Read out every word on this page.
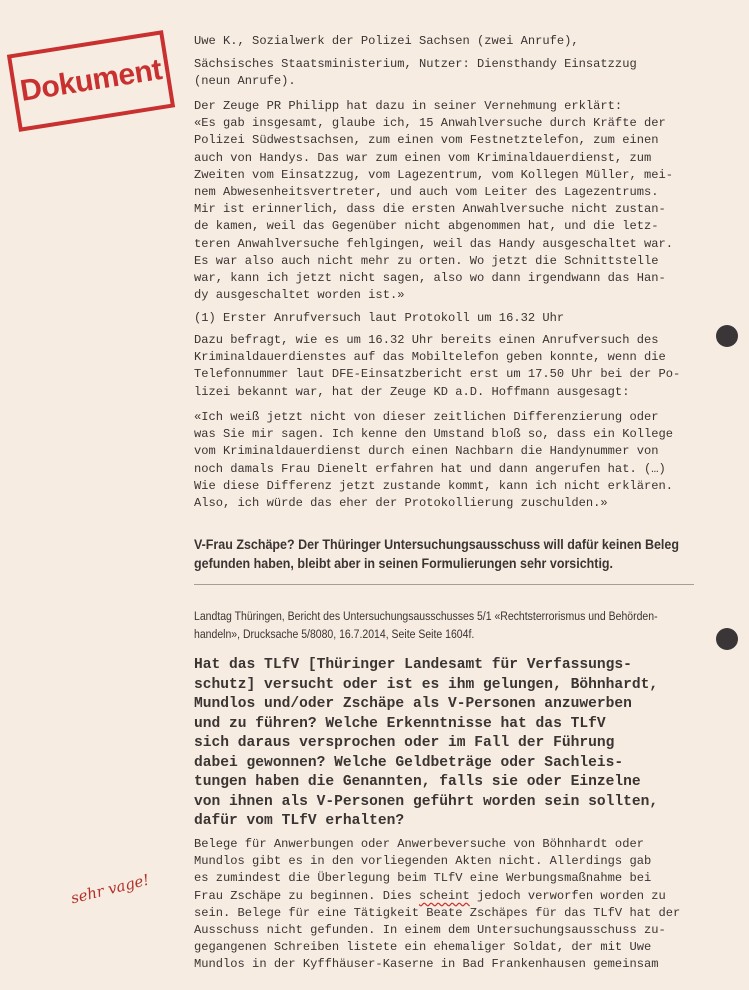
Dokument
sehr vage!

Uwe K., Sozialwerk der Polizei Sachsen (zwei Anrufe),

Sächsisches Staatsministerium, Nutzer: Diensthandy Einsatzzug

(neun Anrufe).

Der Zeuge PR Philipp hat dazu in seiner Vernehmung erklärt:

«Es gab insgesamt, glaube ich, 15 Anwahlversuche durch Kräfte der

Polizei Südwestsachsen, zum einen vom Festnetztelefon, zum einen

auch von Handys. Das war zum einen vom Kriminaldauerdienst, zum

Zweiten vom Einsatzzug, vom Lagezentrum, vom Kollegen Müller, mei-

nem Abwesenheitsvertreter, und auch vom Leiter des Lagezentrums.

Mir ist erinnerlich, dass die ersten Anwahlversuche nicht zustan-

de kamen, weil das Gegenüber nicht abgenommen hat, und die letz-

teren Anwahlversuche fehlgingen, weil das Handy ausgeschaltet war.

Es war also auch nicht mehr zu orten. Wo jetzt die Schnittstelle

war, kann ich jetzt nicht sagen, also wo dann irgendwann das Han-

dy ausgeschaltet worden ist.»

(1) Erster Anrufversuch laut Protokoll um 16.32 Uhr

Dazu befragt, wie es um 16.32 Uhr bereits einen Anrufversuch des

Kriminaldauerdienstes auf das Mobiltelefon geben konnte, wenn die

Telefonnummer laut DFE-Einsatzbericht erst um 17.50 Uhr bei der Po-

lizei bekannt war, hat der Zeuge KD a.D. Hoffmann ausgesagt:

«Ich weiß jetzt nicht von dieser zeitlichen Differenzierung oder

was Sie mir sagen. Ich kenne den Umstand bloß so, dass ein Kollege

vom Kriminaldauerdienst durch einen Nachbarn die Handynummer von

noch damals Frau Dienelt erfahren hat und dann angerufen hat. (…)

Wie diese Differenz jetzt zustande kommt, kann ich nicht erklären.

Also, ich würde das eher der Protokollierung zuschulden.»

V-Frau Zschäpe? Der Thüringer Untersuchungsausschuss will dafür keinen Beleg

gefunden haben, bleibt aber in seinen Formulierungen sehr vorsichtig.

Landtag Thüringen, Bericht des Untersuchungsausschusses 5/1 «Rechtsterrorismus und Behörden-

handeln», Drucksache 5/8080, 16.7.2014, Seite Seite 1604f.

Hat das TLfV [Thüringer Landesamt für Verfassungs-

schutz] versucht oder ist es ihm gelungen, Böhnhardt,

Mundlos und/oder Zschäpe als V-Personen anzuwerben

und zu führen? Welche Erkenntnisse hat das TLfV

sich daraus versprochen oder im Fall der Führung

dabei gewonnen? Welche Geldbeträge oder Sachleis-

tungen haben die Genannten, falls sie oder Einzelne

von ihnen als V-Personen geführt worden sein sollten,

dafür vom TLfV erhalten?

Belege für Anwerbungen oder Anwerbeversuche von Böhnhardt oder

Mundlos gibt es in den vorliegenden Akten nicht. Allerdings gab

es zumindest die Überlegung beim TLfV eine Werbungsmaßnahme bei

Frau Zschäpe zu beginnen. Dies scheint jedoch verworfen worden zu

sein. Belege für eine Tätigkeit Beate Zschäpes für das TLfV hat der

Ausschuss nicht gefunden. In einem dem Untersuchungsausschuss zu-

gegangenen Schreiben listete ein ehemaliger Soldat, der mit Uwe

Mundlos in der Kyffhäuser-Kaserne in Bad Frankenhausen gemeinsam
